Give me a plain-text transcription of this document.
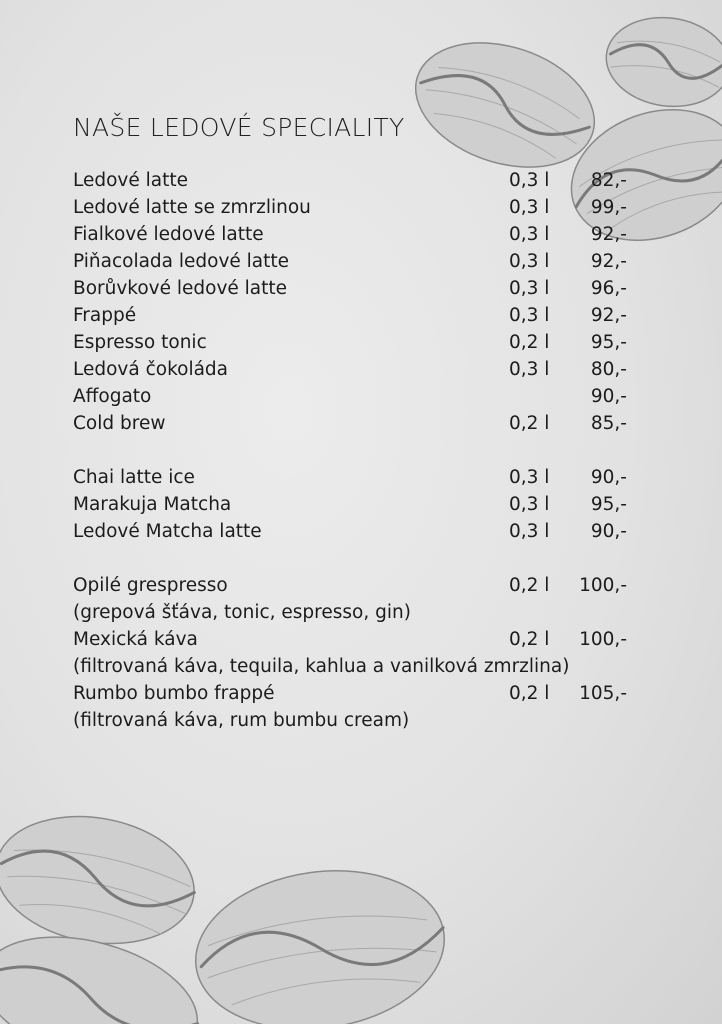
NAŠE LEDOVÉ SPECIALITY
Ledové latte	0,3 l	82,-
Ledové latte se zmrzlinou	0,3 l	99,-
Fialkové ledové latte	0,3 l	92,-
Piňacolada ledové latte	0,3 l	92,-
Borůvkové ledové latte	0,3 l	96,-
Frappé	0,3 l	92,-
Espresso tonic	0,2 l	95,-
Ledová čokoláda	0,3 l	80,-
Affogato	90,-
Cold brew	0,2 l	85,-
Chai latte ice	0,3 l	90,-
Marakuja Matcha	0,3 l	95,-
Ledové Matcha latte	0,3 l	90,-
Opilé grespresso	0,2 l	100,-
(grepová šťáva, tonic, espresso, gin)
Mexická káva	0,2 l	100,-
(filtrovaná káva, tequila, kahlua a vanilková zmrzlina)
Rumbo bumbo frappé	0,2 l	105,-
(filtrovaná káva, rum bumbu cream)
